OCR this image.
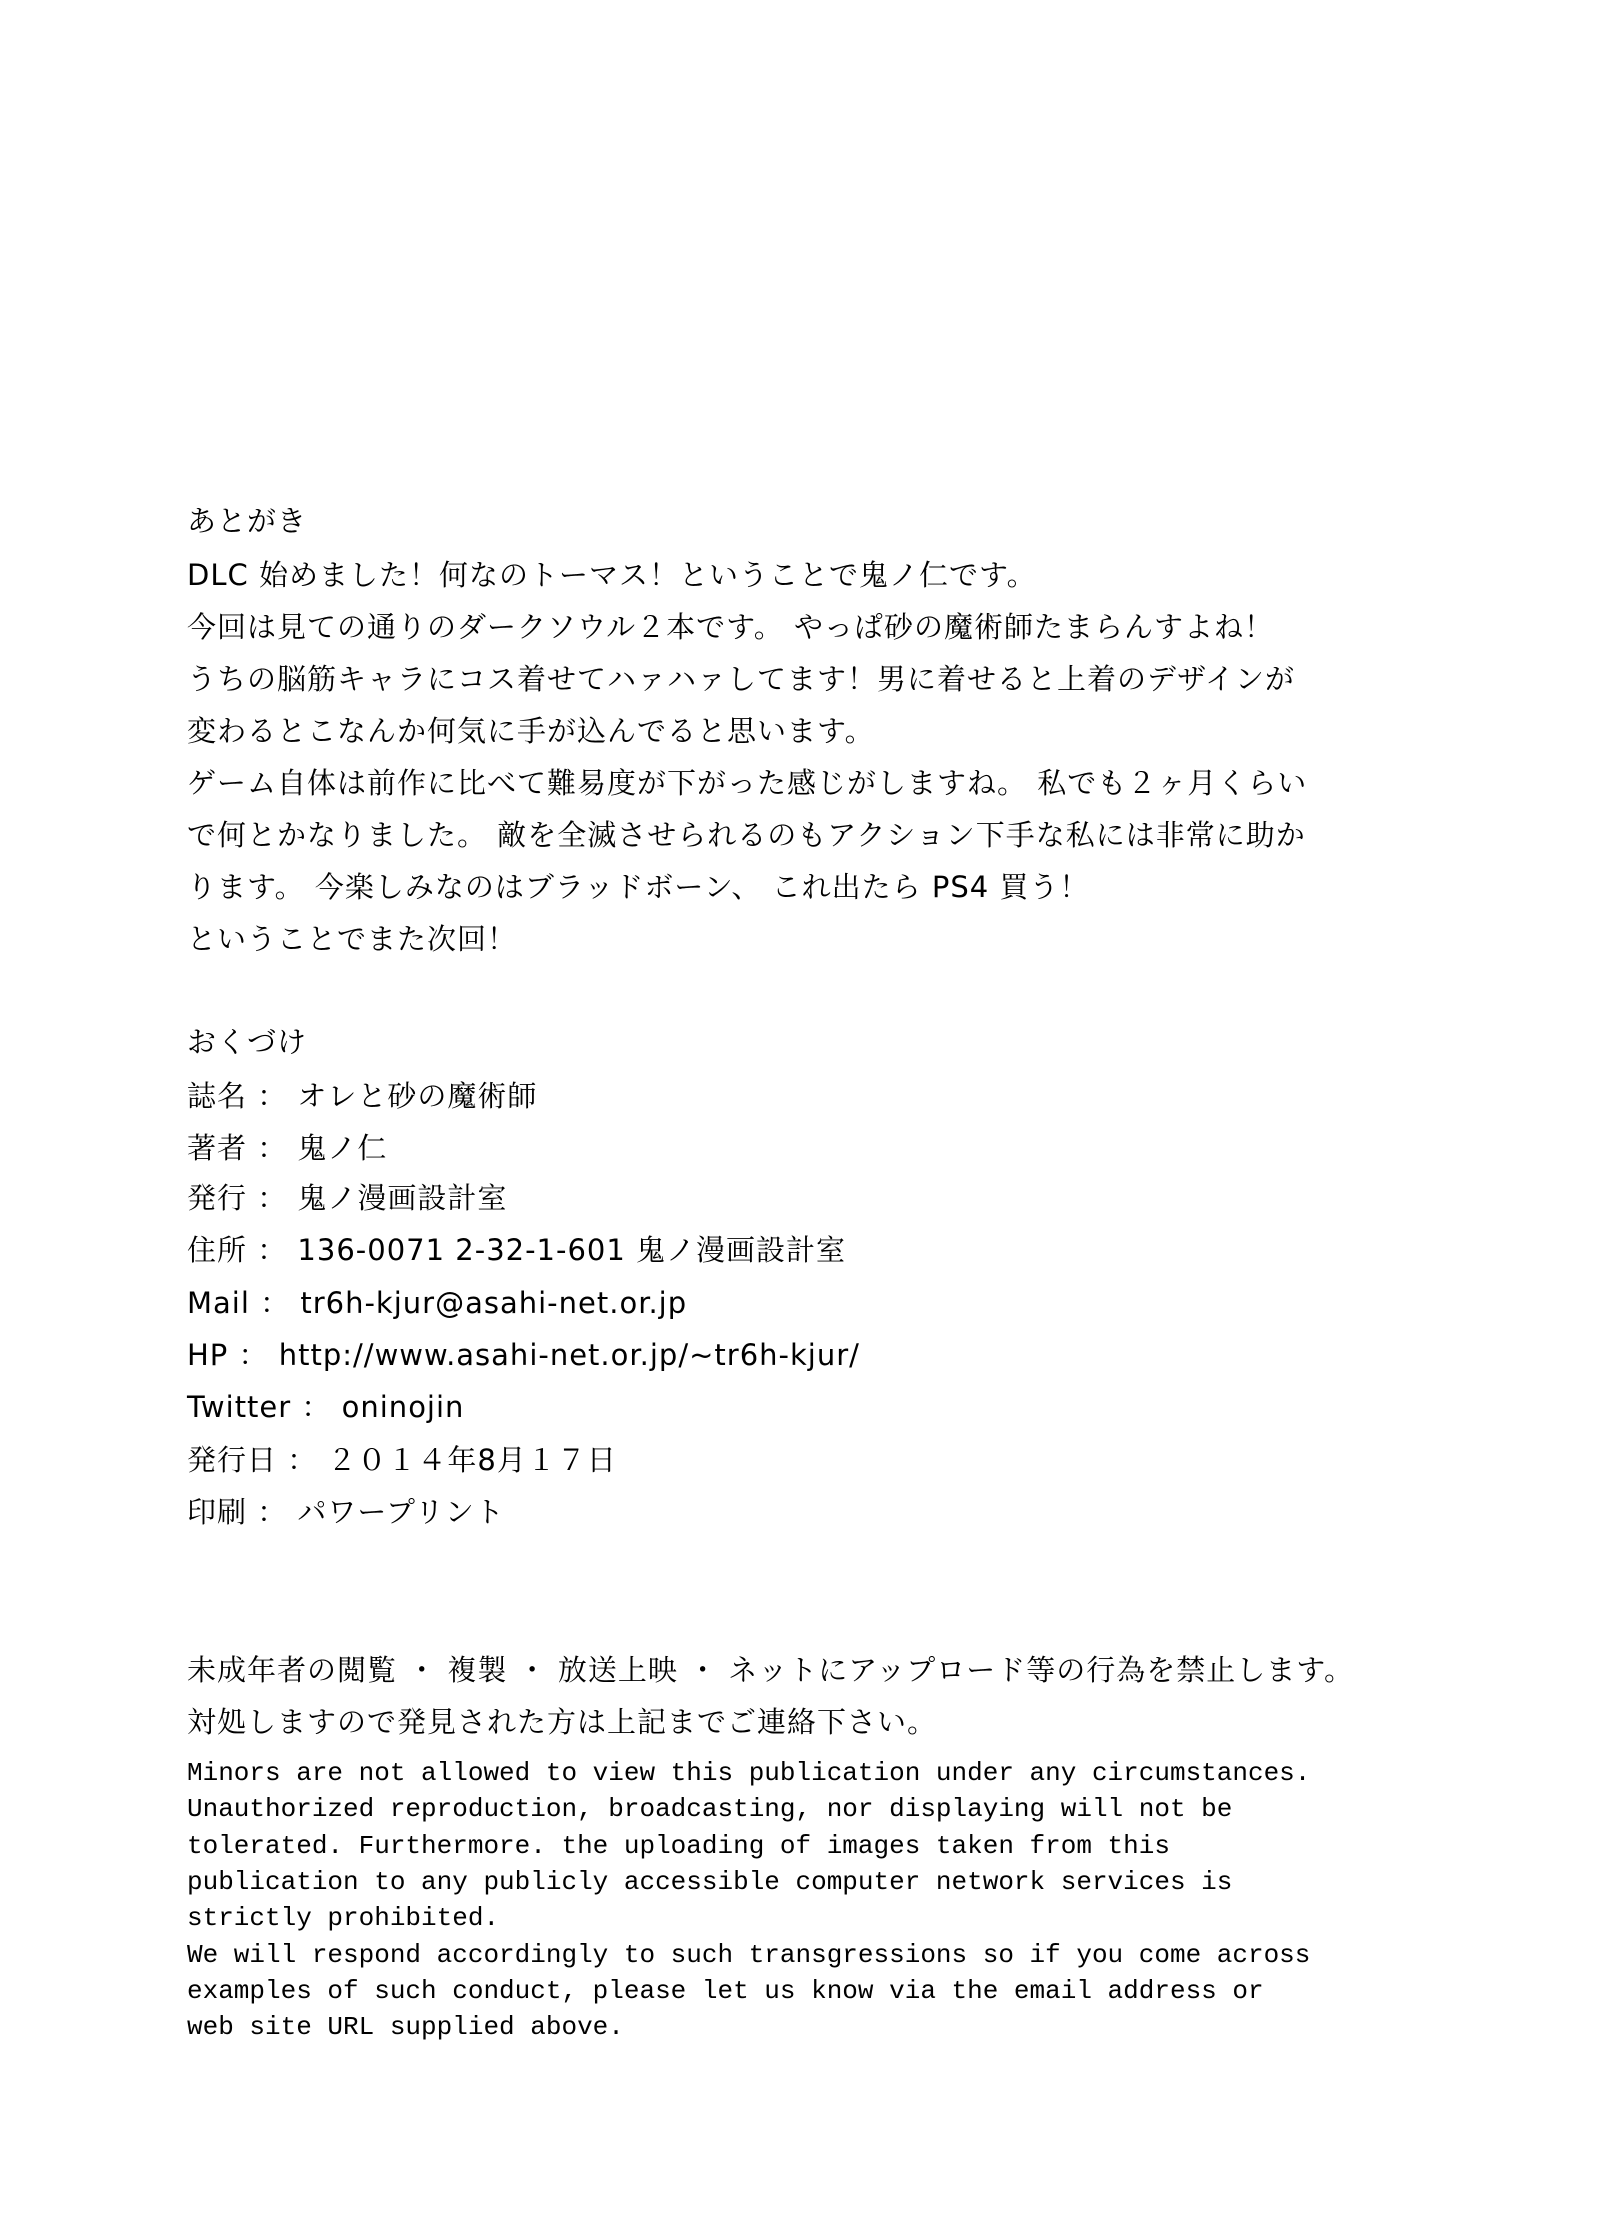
あとがき
DLC 始めました！何なのトーマス！ということで鬼ノ仁です。
今回は見ての通りのダークソウル２本です。 やっぱ砂の魔術師たまらんすよね！
うちの脳筋キャラにコス着せてハァハァしてます！男に着せると上着のデザインが
変わるとこなんか何気に手が込んでると思います。
ゲーム自体は前作に比べて難易度が下がった感じがしますね。 私でも２ヶ月くらい
で何とかなりました。 敵を全滅させられるのもアクション下手な私には非常に助か
ります。 今楽しみなのはブラッドボーン、 これ出たら PS4 買う！
ということでまた次回！
おくづけ
誌名 ： オレと砂の魔術師
著者 ： 鬼ノ仁
発行 ： 鬼ノ漫画設計室
住所 ： 136-0071 2-32-1-601 鬼ノ漫画設計室
Mail ： tr6h-kjur@asahi-net.or.jp
HP ： http://www.asahi-net.or.jp/~tr6h-kjur/
Twitter ： oninojin
発行日 ： ２０１４年8月１７日
印刷 ： パワープリント
未成年者の閲覧 ・ 複製 ・ 放送上映 ・ ネットにアップロード等の行為を禁止します。
対処しますので発見された方は上記までご連絡下さい。
Minors are not allowed to view this publication under any circumstances.
Unauthorized reproduction, broadcasting, nor displaying will not be
tolerated. Furthermore. the uploading of images taken from this
publication to any publicly accessible computer network services is
strictly prohibited.
We will respond accordingly to such transgressions so if you come across
examples of such conduct, please let us know via the email address or
web site URL supplied above.
